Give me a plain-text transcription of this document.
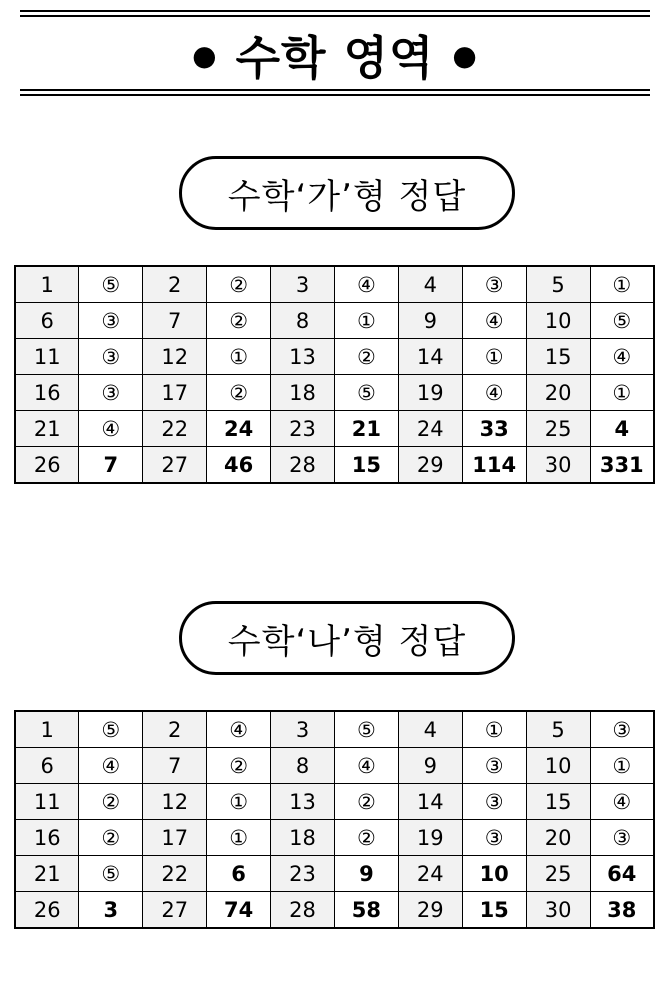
● 수학 영역 ●
수학‘가’형 정답
1	⑤	2	②	3	④	4	③	5	①
6	③	7	②	8	①	9	④	10	⑤
11	③	12	①	13	②	14	①	15	④
16	③	17	②	18	⑤	19	④	20	①
21	④	22	24	23	21	24	33	25	4
26	7	27	46	28	15	29	114	30	331
수학‘나’형 정답
1	⑤	2	④	3	⑤	4	①	5	③
6	④	7	②	8	④	9	③	10	①
11	②	12	①	13	②	14	③	15	④
16	②	17	①	18	②	19	③	20	③
21	⑤	22	6	23	9	24	10	25	64
26	3	27	74	28	58	29	15	30	38
